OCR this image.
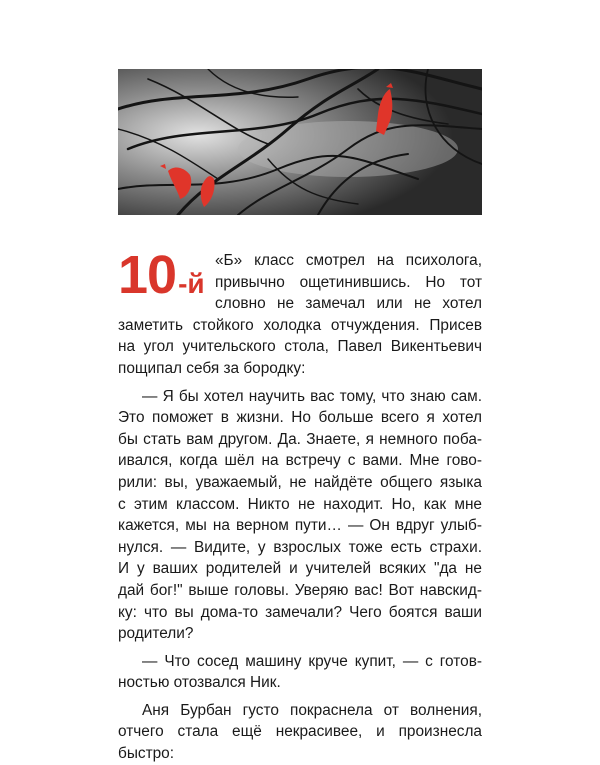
10-й
«Б» класс смотрел на психолога,
привычно ощетинившись. Но тот
словно не замечал или не хотел
заметить стойкого холодка отчуждения. Присев
на угол учительского стола, Павел Викентьевич
пощипал себя за бородку:
— Я бы хотел научить вас тому, что знаю сам.
Это поможет в жизни. Но больше всего я хотел
бы стать вам другом. Да. Знаете, я немного поба-
ивался, когда шёл на встречу с вами. Мне гово-
рили: вы, уважаемый, не найдёте общего языка
с этим классом. Никто не находит. Но, как мне
кажется, мы на верном пути… — Он вдруг улыб-
нулся. — Видите, у взрослых тоже есть страхи.
И у ваших родителей и учителей всяких "да не
дай бог!" выше головы. Уверяю вас! Вот навскид-
ку: что вы дома-то замечали? Чего боятся ваши
родители?
— Что сосед машину круче купит, — с готов-
ностью отозвался Ник.
Аня Бурбан густо покраснела от волнения,
отчего стала ещё некрасивее, и произнесла
быстро:
